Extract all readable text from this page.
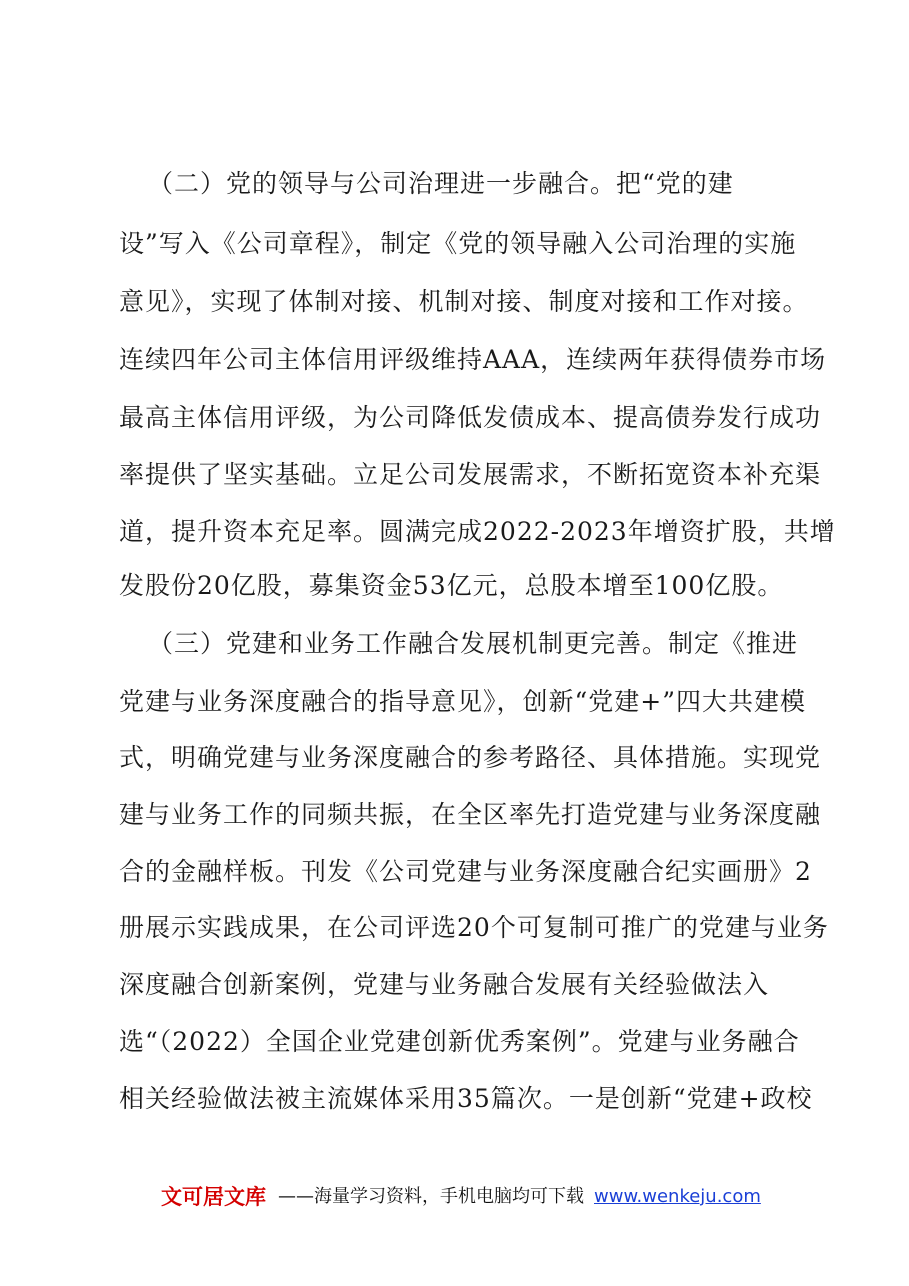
（二）党的领导与公司治理进一步融合。把“党的建
设”写入《公司章程》，制定《党的领导融入公司治理的实施
意见》，实现了体制对接、机制对接、制度对接和工作对接。
连续四年公司主体信用评级维持AAA，连续两年获得债券市场
最高主体信用评级，为公司降低发债成本、提高债券发行成功
率提供了坚实基础。立足公司发展需求，不断拓宽资本补充渠
道，提升资本充足率。圆满完成2022-2023年增资扩股，共增
发股份20亿股，募集资金53亿元，总股本增至100亿股。
（三）党建和业务工作融合发展机制更完善。制定《推进
党建与业务深度融合的指导意见》，创新“党建+”四大共建模
式，明确党建与业务深度融合的参考路径、具体措施。实现党
建与业务工作的同频共振，在全区率先打造党建与业务深度融
合的金融样板。刊发《公司党建与业务深度融合纪实画册》2
册展示实践成果，在公司评选20个可复制可推广的党建与业务
深度融合创新案例，党建与业务融合发展有关经验做法入
选“（2022）全国企业党建创新优秀案例”。党建与业务融合
相关经验做法被主流媒体采用35篇次。一是创新“党建+政校
文可居文库 ——海量学习资料，手机电脑均可下载 www.wenkeju.com
